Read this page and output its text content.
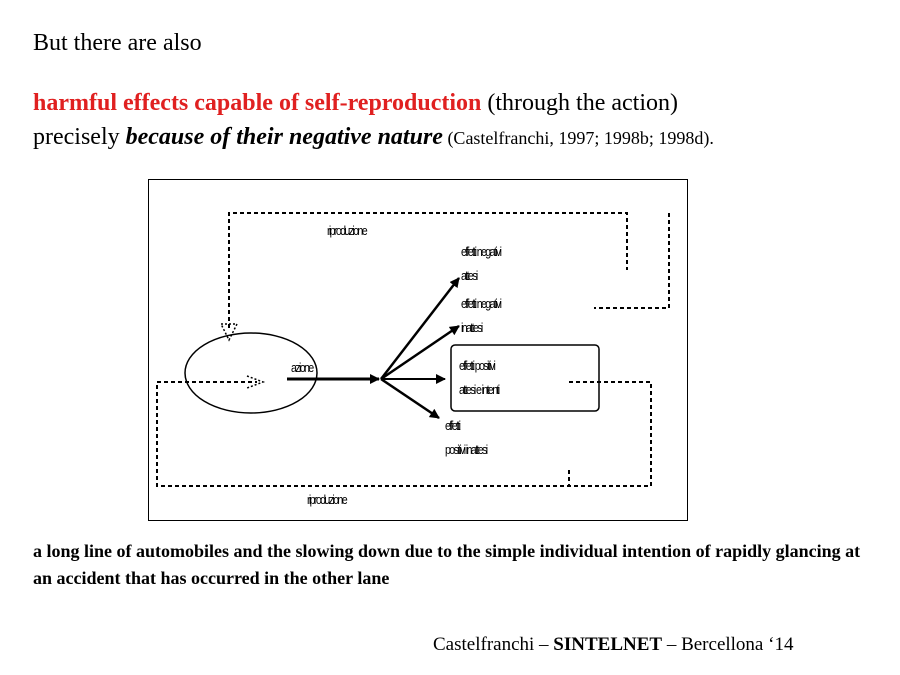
But there are also
harmful effects capable of self-reproduction (through the action)
precisely because of their negative nature (Castelfranchi, 1997; 1998b; 1998d).
riproduzione
azione
effetti negativi
attesi
effetti negativi
inattesi
effetti positivi
attesi e intenti
effetti
positivi inattesi
riproduzione
a long line of automobiles and the slowing down due to the simple individual intention of rapidly glancing at an accident that has occurred in the other lane
Castelfranchi – SINTELNET – Bercellona ‘14
